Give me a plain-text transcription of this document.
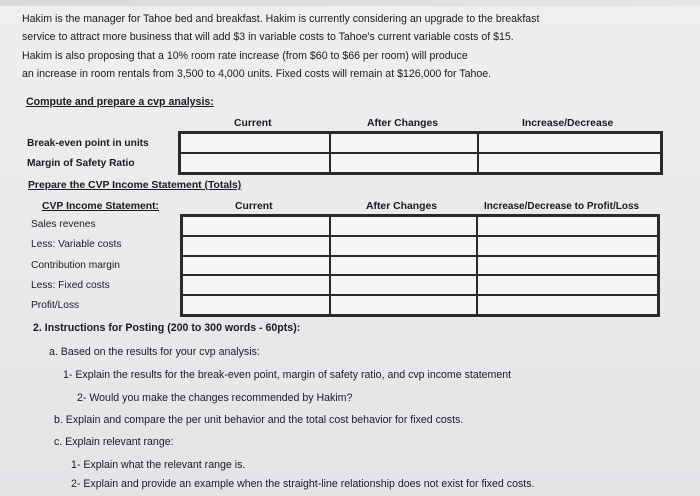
Hakim is the manager for Tahoe bed and breakfast. Hakim is currently considering an upgrade to the breakfast

service to attract more business that will add $3 in variable costs to Tahoe's current variable costs of $15.

Hakim is also proposing that a 10% room rate increase (from $60 to $66 per room) will produce

an increase in room rentals from 3,500 to 4,000 units. Fixed costs will remain at $126,000 for Tahoe.

Compute and prepare a cvp analysis:
Current	After Changes	Increase/Decrease
Break-even point in units
Margin of Safety Ratio
Prepare the CVP Income Statement (Totals)
CVP Income Statement:	Current	After Changes	Increase/Decrease to Profit/Loss
Sales revenes
Less: Variable costs
Contribution margin
Less: Fixed costs
Profit/Loss
2. Instructions for Posting (200 to 300 words - 60pts):
a. Based on the results for your cvp analysis:
1- Explain the results for the break-even point, margin of safety ratio, and cvp income statement
2- Would you make the changes recommended by Hakim?
b. Explain and compare the per unit behavior and the total cost behavior for fixed costs.
c. Explain relevant range:
1- Explain what the relevant range is.
2- Explain and provide an example when the straight-line relationship does not exist for fixed costs.
